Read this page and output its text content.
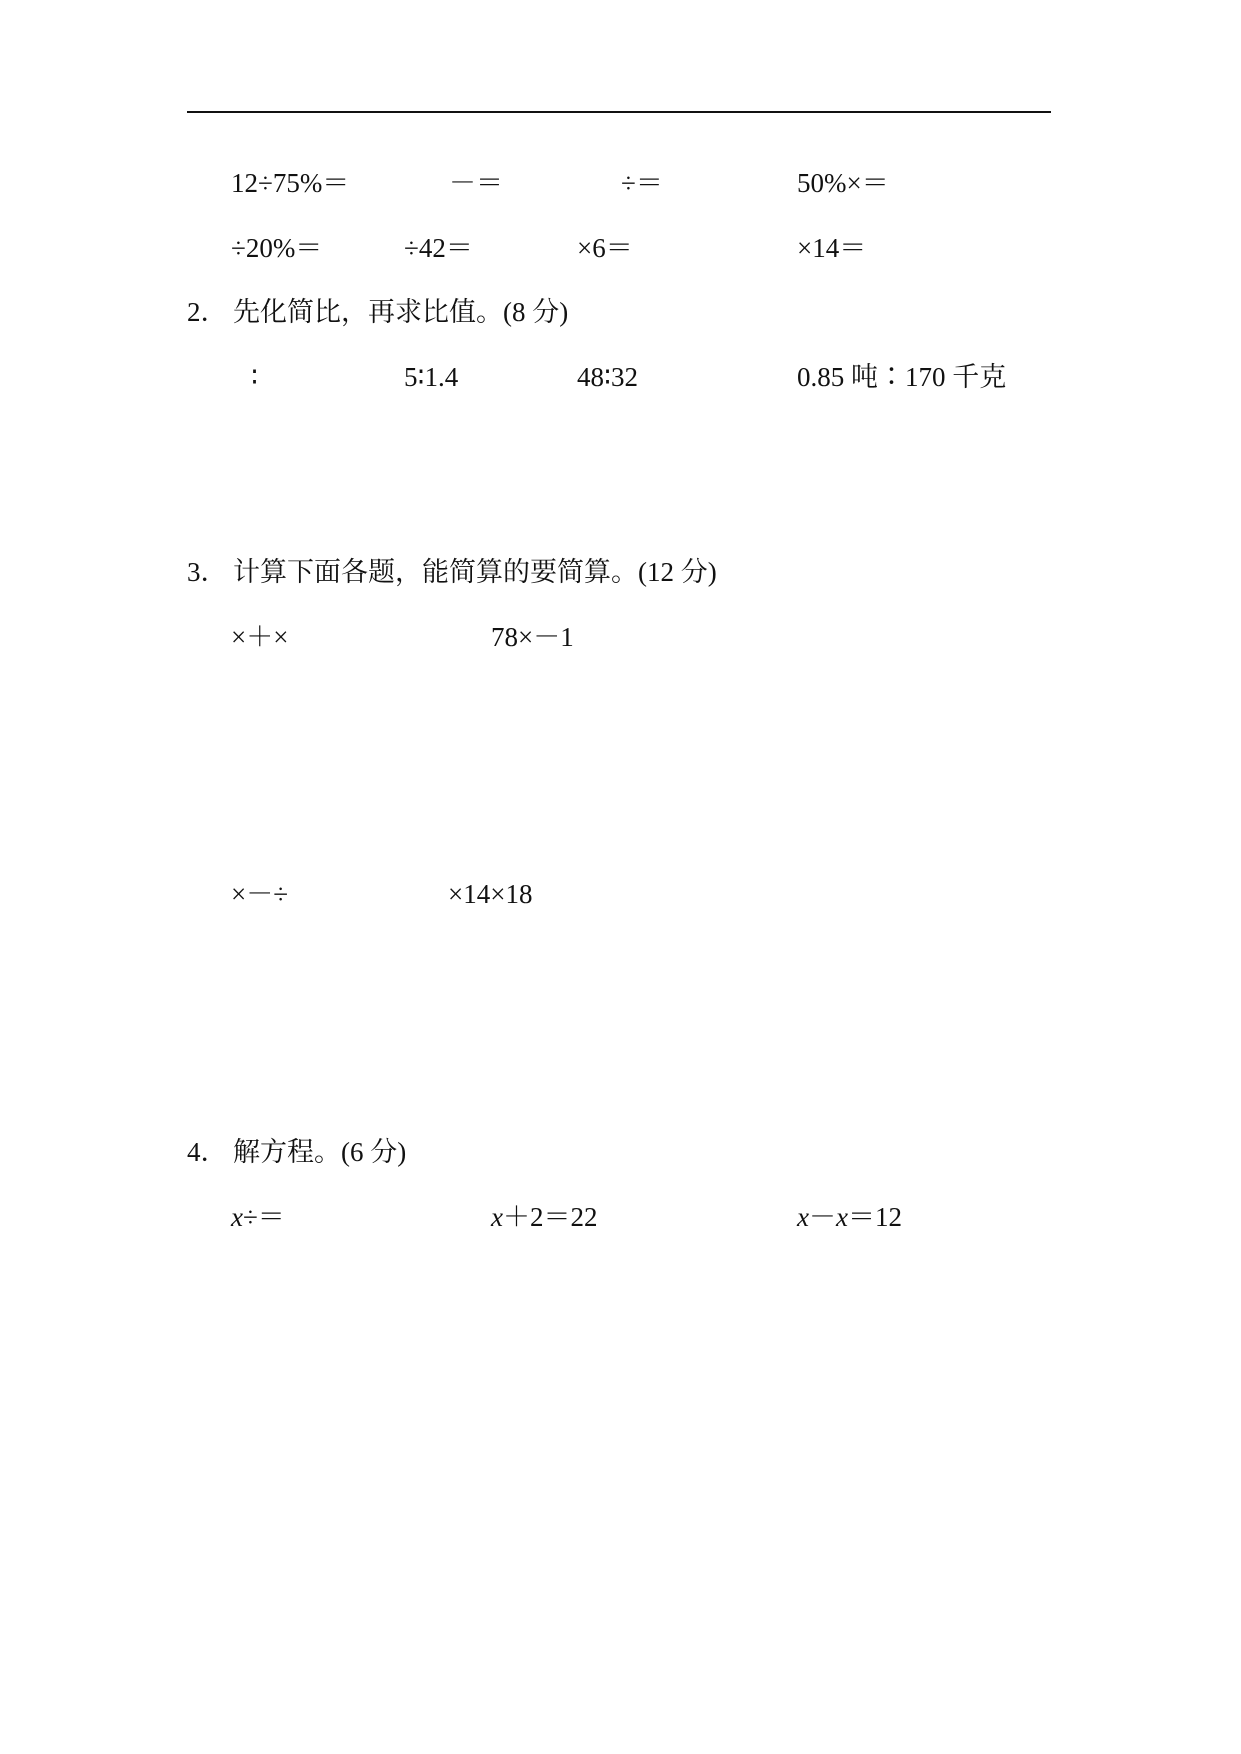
12÷75%＝	－＝	÷＝	50%×＝
÷20%＝	÷42＝	×6＝	×14＝
2． 先化简比，再求比值。(8 分)
∶	5∶1.4	48∶32	0.85 吨∶170 千克
3． 计算下面各题，能简算的要简算。(12 分)
×＋×	78×－1
×－÷	×14×18
4． 解方程。(6 分)
x÷＝	x＋2＝22	x－x＝12
